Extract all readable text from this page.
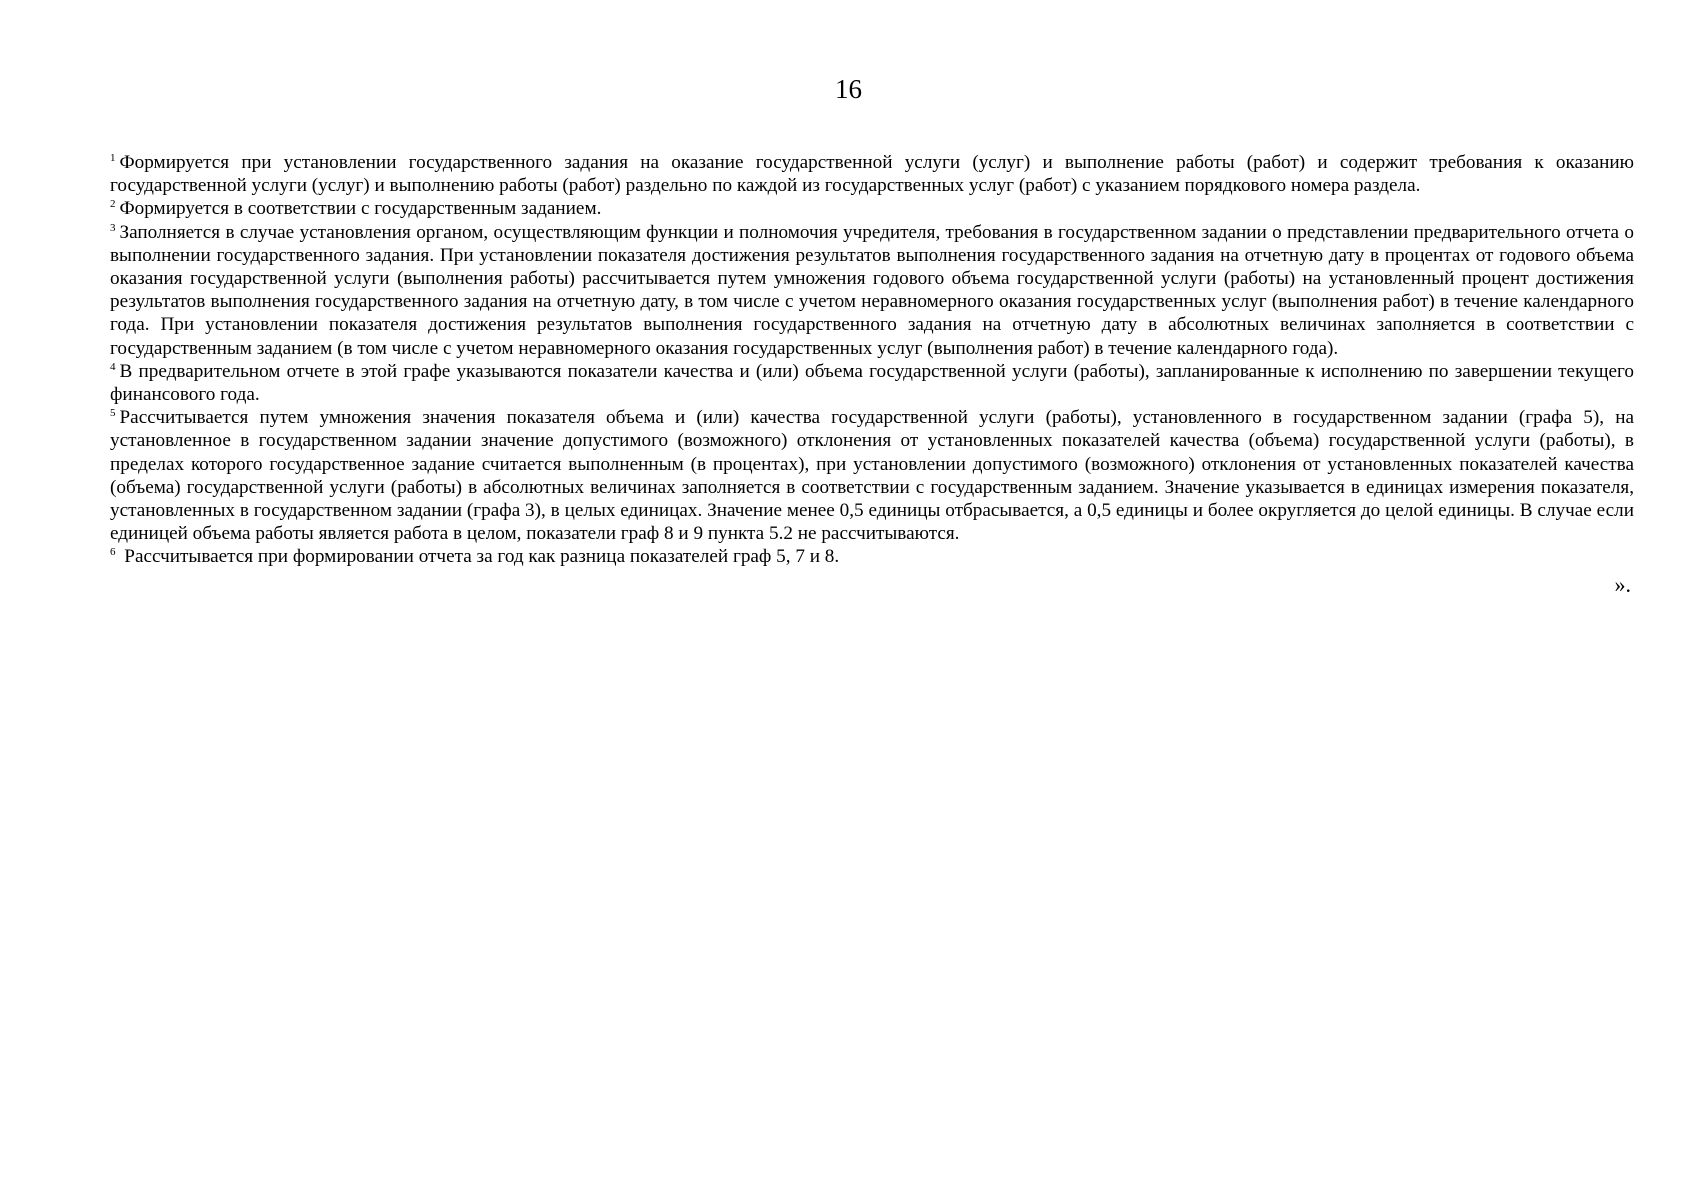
16

$^1$ Формируется при установлении государственного задания на оказание государственной услуги (услуг) и выполнение работы (работ) и содержит требования к оказанию государственной услуги (услуг) и выполнению работы (работ) раздельно по каждой из государственных услуг (работ) с указанием порядкового номера раздела.

$^2$ Формируется в соответствии с государственным заданием.

$^3$ Заполняется в случае установления органом, осуществляющим функции и полномочия учредителя, требования в государственном задании о представлении предварительного отчета о выполнении государственного задания. При установлении показателя достижения результатов выполнения государственного задания на отчетную дату в процентах от годового объема оказания государственной услуги (выполнения работы) рассчитывается путем умножения годового объема государственной услуги (работы) на установленный процент достижения результатов выполнения государственного задания на отчетную дату, в том числе с учетом неравномерного оказания государственных услуг (выполнения работ) в течение календарного года. При установлении показателя достижения результатов выполнения государственного задания на отчетную дату в абсолютных величинах заполняется в соответствии с государственным заданием (в том числе с учетом неравномерного оказания государственных услуг (выполнения работ) в течение календарного года).

$^4$ В предварительном отчете в этой графе указываются показатели качества и (или) объема государственной услуги (работы), запланированные к исполнению по завершении текущего финансового года.

$^5$ Рассчитывается путем умножения значения показателя объема и (или) качества государственной услуги (работы), установленного в государственном задании (графа 5), на установленное в государственном задании значение допустимого (возможного) отклонения от установленных показателей качества (объема) государственной услуги (работы), в пределах которого государственное задание считается выполненным (в процентах), при установлении допустимого (возможного) отклонения от установленных показателей качества (объема) государственной услуги (работы) в абсолютных величинах заполняется в соответствии с государственным заданием. Значение указывается в единицах измерения показателя, установленных в государственном задании (графа 3), в целых единицах. Значение менее 0,5 единицы отбрасывается, а 0,5 единицы и более округляется до целой единицы. В случае если единицей объема работы является работа в целом, показатели граф 8 и 9 пункта 5.2 не рассчитываются.

$^6$ Рассчитывается при формировании отчета за год как разница показателей граф 5, 7 и 8.

».
